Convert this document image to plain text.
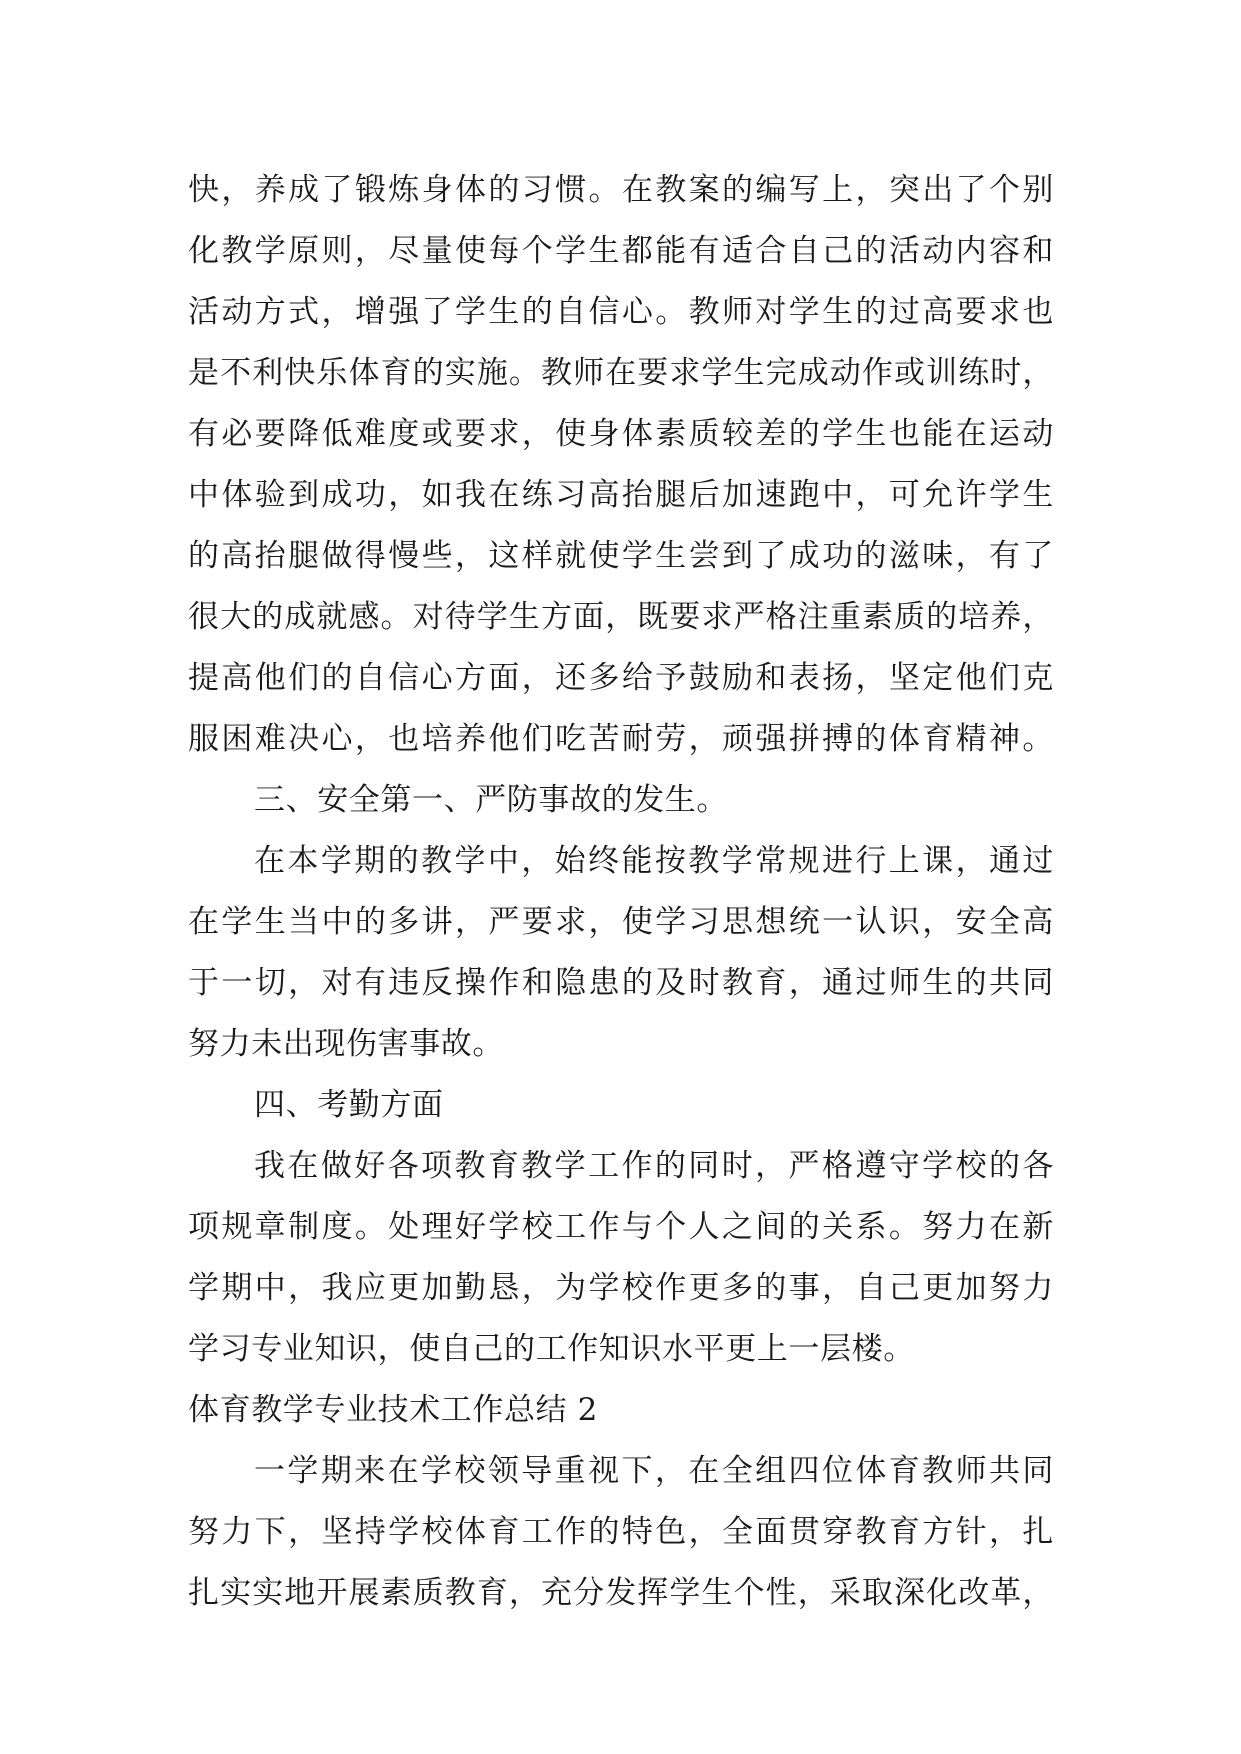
快，养成了锻炼身体的习惯。在教案的编写上，突出了个别
化教学原则，尽量使每个学生都能有适合自己的活动内容和
活动方式，增强了学生的自信心。教师对学生的过高要求也
是不利快乐体育的实施。教师在要求学生完成动作或训练时，
有必要降低难度或要求，使身体素质较差的学生也能在运动
中体验到成功，如我在练习高抬腿后加速跑中，可允许学生
的高抬腿做得慢些，这样就使学生尝到了成功的滋味，有了
很大的成就感。对待学生方面，既要求严格注重素质的培养，
提高他们的自信心方面，还多给予鼓励和表扬，坚定他们克
服困难决心，也培养他们吃苦耐劳，顽强拼搏的体育精神。
三、安全第一、严防事故的发生。
在本学期的教学中，始终能按教学常规进行上课，通过
在学生当中的多讲，严要求，使学习思想统一认识，安全高
于一切，对有违反操作和隐患的及时教育，通过师生的共同
努力未出现伤害事故。
四、考勤方面
我在做好各项教育教学工作的同时，严格遵守学校的各
项规章制度。处理好学校工作与个人之间的关系。努力在新
学期中，我应更加勤恳，为学校作更多的事，自己更加努力
学习专业知识，使自己的工作知识水平更上一层楼。
体育教学专业技术工作总结 2
一学期来在学校领导重视下，在全组四位体育教师共同
努力下，坚持学校体育工作的特色，全面贯穿教育方针，扎
扎实实地开展素质教育，充分发挥学生个性，采取深化改革，
